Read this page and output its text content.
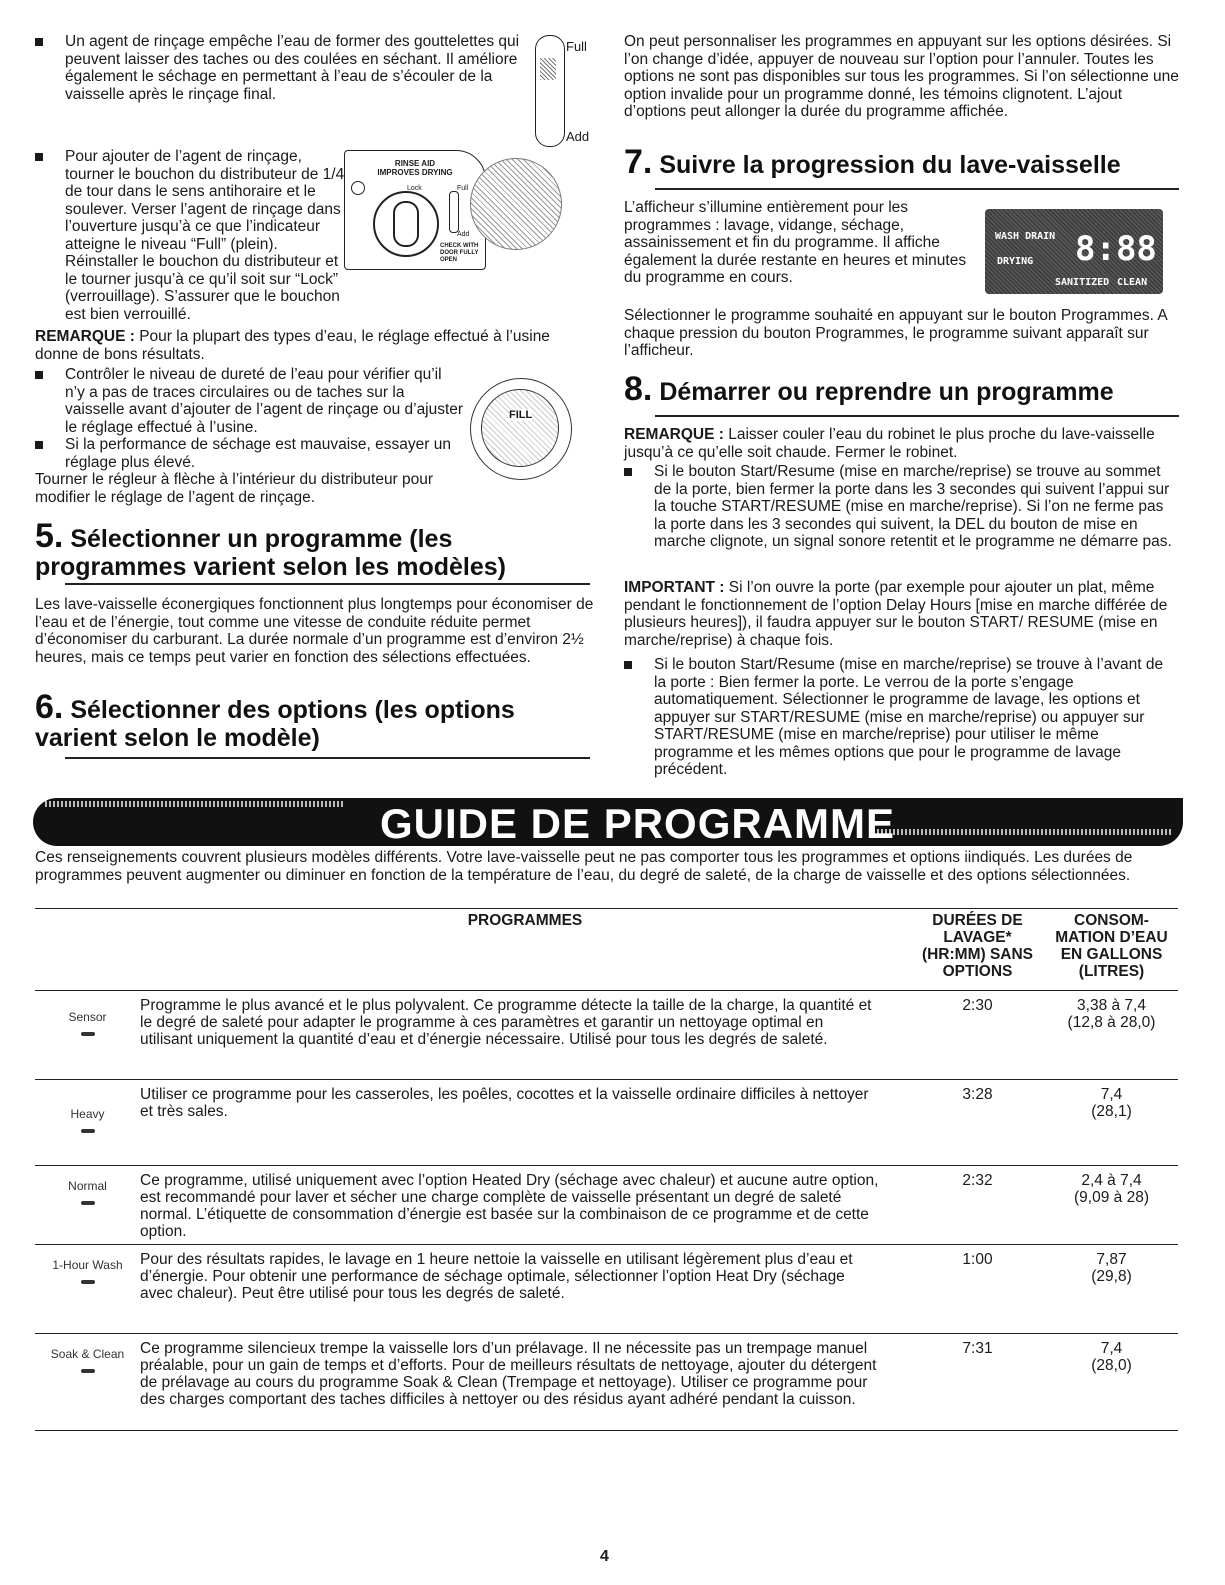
Un agent de rinçage empêche l’eau de former des gouttelettes qui peuvent laisser des taches ou des coulées en séchant. Il améliore également le séchage en permettant à l’eau de s’écouler de la vaisselle après le rinçage final.

Full
Add

Pour ajouter de l’agent de rinçage, tourner le bouchon du distributeur de 1/4 de tour dans le sens antihoraire et le soulever. Verser l’agent de rinçage dans l’ouverture jusqu’à ce que l’indicateur atteigne le niveau “Full” (plein). Réinstaller le bouchon du distributeur et le tourner jusqu’à ce qu’il soit sur “Lock” (verrouillage). S’assurer que le bouchon est bien verrouillé.

RINSE AID
IMPROVES DRYING
Lock	Full
Add
CHECK WITH DOOR FULLY OPEN
REMARQUE : Pour la plupart des types d’eau, le réglage effectué à l’usine donne de bons résultats.

Contrôler le niveau de dureté de l’eau pour vérifier qu’il n’y a pas de traces circulaires ou de taches sur la vaisselle avant d’ajouter de l’agent de rinçage ou d’ajuster le réglage effectué à l’usine.

Si la performance de séchage est mauvaise, essayer un réglage plus élevé.

FILL
Tourner le régleur à flèche à l’intérieur du distributeur pour modifier le réglage de l’agent de rinçage.
5. Sélectionner un programme (les programmes varient selon les modèles)
Les lave-vaisselle éconergiques fonctionnent plus longtemps pour économiser de l’eau et de l’énergie, tout comme une vitesse de conduite réduite permet d’économiser du carburant. La durée normale d’un programme est d’environ 2½ heures, mais ce temps peut varier en fonction des sélections effectuées.
6. Sélectionner des options (les options varient selon le modèle)
On peut personnaliser les programmes en appuyant sur les options désirées. Si l’on change d’idée, appuyer de nouveau sur l’option pour l’annuler. Toutes les options ne sont pas disponibles sur tous les programmes. Si l’on sélectionne une option invalide pour un programme donné, les témoins clignotent. L’ajout d’options peut allonger la durée du programme affichée.
7. Suivre la progression du lave-vaisselle
L’afficheur s’illumine entièrement pour les programmes : lavage, vidange, séchage, assainissement et fin du programme. Il affiche également la durée restante en heures et minutes du programme en cours.
WASH DRAIN
DRYING 8:88
SANITIZED CLEAN
Sélectionner le programme souhaité en appuyant sur le bouton Programmes. A chaque pression du bouton Programmes, le programme suivant apparaît sur l’afficheur.
8. Démarrer ou reprendre un programme
REMARQUE : Laisser couler l’eau du robinet le plus proche du lave-vaisselle jusqu’à ce qu’elle soit chaude. Fermer le robinet.

Si le bouton Start/Resume (mise en marche/reprise) se trouve au sommet de la porte, bien fermer la porte dans les 3 secondes qui suivent l’appui sur la touche START/RESUME (mise en marche/reprise). Si l’on ne ferme pas la porte dans les 3 secondes qui suivent, la DEL du bouton de mise en marche clignote, un signal sonore retentit et le programme ne démarre pas.

IMPORTANT : Si l’on ouvre la porte (par exemple pour ajouter un plat, même pendant le fonctionnement de l’option Delay Hours [mise en marche différée de plusieurs heures]), il faudra appuyer sur le bouton START/ RESUME (mise en marche/reprise) à chaque fois.

Si le bouton Start/Resume (mise en marche/reprise) se trouve à l’avant de la porte : Bien fermer la porte. Le verrou de la porte s’engage automatiquement. Sélectionner le programme de lavage, les options et appuyer sur START/RESUME (mise en marche/reprise) ou appuyer sur START/RESUME (mise en marche/reprise) pour utiliser le même programme et les mêmes options que pour le programme de lavage précédent.

GUIDE DE PROGRAMME
Ces renseignements couvrent plusieurs modèles différents. Votre lave-vaisselle peut ne pas comporter tous les programmes et options iindiqués. Les durées de programmes peuvent augmenter ou diminuer en fonction de la température de l’eau, du degré de saleté, de la charge de vaisselle et des options sélectionnées.
	PROGRAMMES	DURÉES DE LAVAGE* (HR:MM) SANS OPTIONS	CONSOM-MATION D’EAU EN GALLONS (LITRES)

Sensor	Programme le plus avancé et le plus polyvalent. Ce programme détecte la taille de la charge, la quantité et le degré de saleté pour adapter le programme à ces paramètres et garantir un nettoyage optimal en utilisant uniquement la quantité d’eau et d’énergie nécessaire. Utilisé pour tous les degrés de saleté.	2:30	3,38 à 7,4
(12,8 à 28,0)

Heavy	Utiliser ce programme pour les casseroles, les poêles, cocottes et la vaisselle ordinaire difficiles à nettoyer et très sales.	3:28	7,4
(28,1)

Normal	Ce programme, utilisé uniquement avec l’option Heated Dry (séchage avec chaleur) et aucune autre option, est recommandé pour laver et sécher une charge complète de vaisselle présentant un degré de saleté normal. L’étiquette de consommation d’énergie est basée sur la combinaison de ce programme et de cette option.	2:32	2,4 à 7,4
(9,09 à 28)

1-Hour Wash	Pour des résultats rapides, le lavage en 1 heure nettoie la vaisselle en utilisant légèrement plus d’eau et d’énergie. Pour obtenir une performance de séchage optimale, sélectionner l’option Heat Dry (séchage avec chaleur). Peut être utilisé pour tous les degrés de saleté.	1:00	7,87
(29,8)

Soak & Clean	Ce programme silencieux trempe la vaisselle lors d’un prélavage. Il ne nécessite pas un trempage manuel préalable, pour un gain de temps et d’efforts. Pour de meilleurs résultats de nettoyage, ajouter du détergent de prélavage au cours du programme Soak & Clean (Trempage et nettoyage). Utiliser ce programme pour des charges comportant des taches difficiles à nettoyer ou des résidus ayant adhéré pendant la cuisson.	7:31	7,4
(28,0)

4
